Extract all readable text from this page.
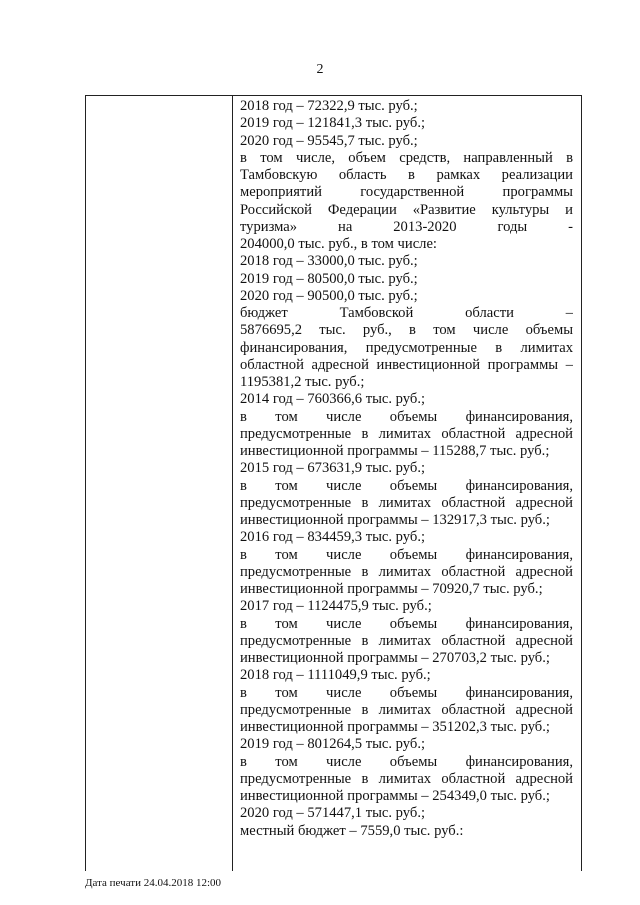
2
2018 год – 72322,9 тыс. руб.;
2019 год – 121841,3 тыс. руб.;
2020 год – 95545,7 тыс. руб.;
в том числе, объем средств, направленный в
Тамбовскую область в рамках реализации
мероприятий государственной программы
Российской Федерации «Развитие культуры и
туризма» на 2013-2020 годы -
204000,0 тыс. руб., в том числе:
2018 год – 33000,0 тыс. руб.;
2019 год – 80500,0 тыс. руб.;
2020 год – 90500,0 тыс. руб.;
бюджет Тамбовской области –
5876695,2 тыс. руб., в том числе объемы
финансирования, предусмотренные в лимитах
областной адресной инвестиционной программы –
1195381,2 тыс. руб.;
2014 год – 760366,6 тыс. руб.;
в том числе объемы финансирования,
предусмотренные в лимитах областной адресной
инвестиционной программы – 115288,7 тыс. руб.;
2015 год – 673631,9 тыс. руб.;
в том числе объемы финансирования,
предусмотренные в лимитах областной адресной
инвестиционной программы – 132917,3 тыс. руб.;
2016 год – 834459,3 тыс. руб.;
в том числе объемы финансирования,
предусмотренные в лимитах областной адресной
инвестиционной программы – 70920,7 тыс. руб.;
2017 год – 1124475,9 тыс. руб.;
в том числе объемы финансирования,
предусмотренные в лимитах областной адресной
инвестиционной программы – 270703,2 тыс. руб.;
2018 год – 1111049,9 тыс. руб.;
в том числе объемы финансирования,
предусмотренные в лимитах областной адресной
инвестиционной программы – 351202,3 тыс. руб.;
2019 год – 801264,5 тыс. руб.;
в том числе объемы финансирования,
предусмотренные в лимитах областной адресной
инвестиционной программы – 254349,0 тыс. руб.;
2020 год – 571447,1 тыс. руб.;
местный бюджет – 7559,0 тыс. руб.:
Дата печати 24.04.2018 12:00
